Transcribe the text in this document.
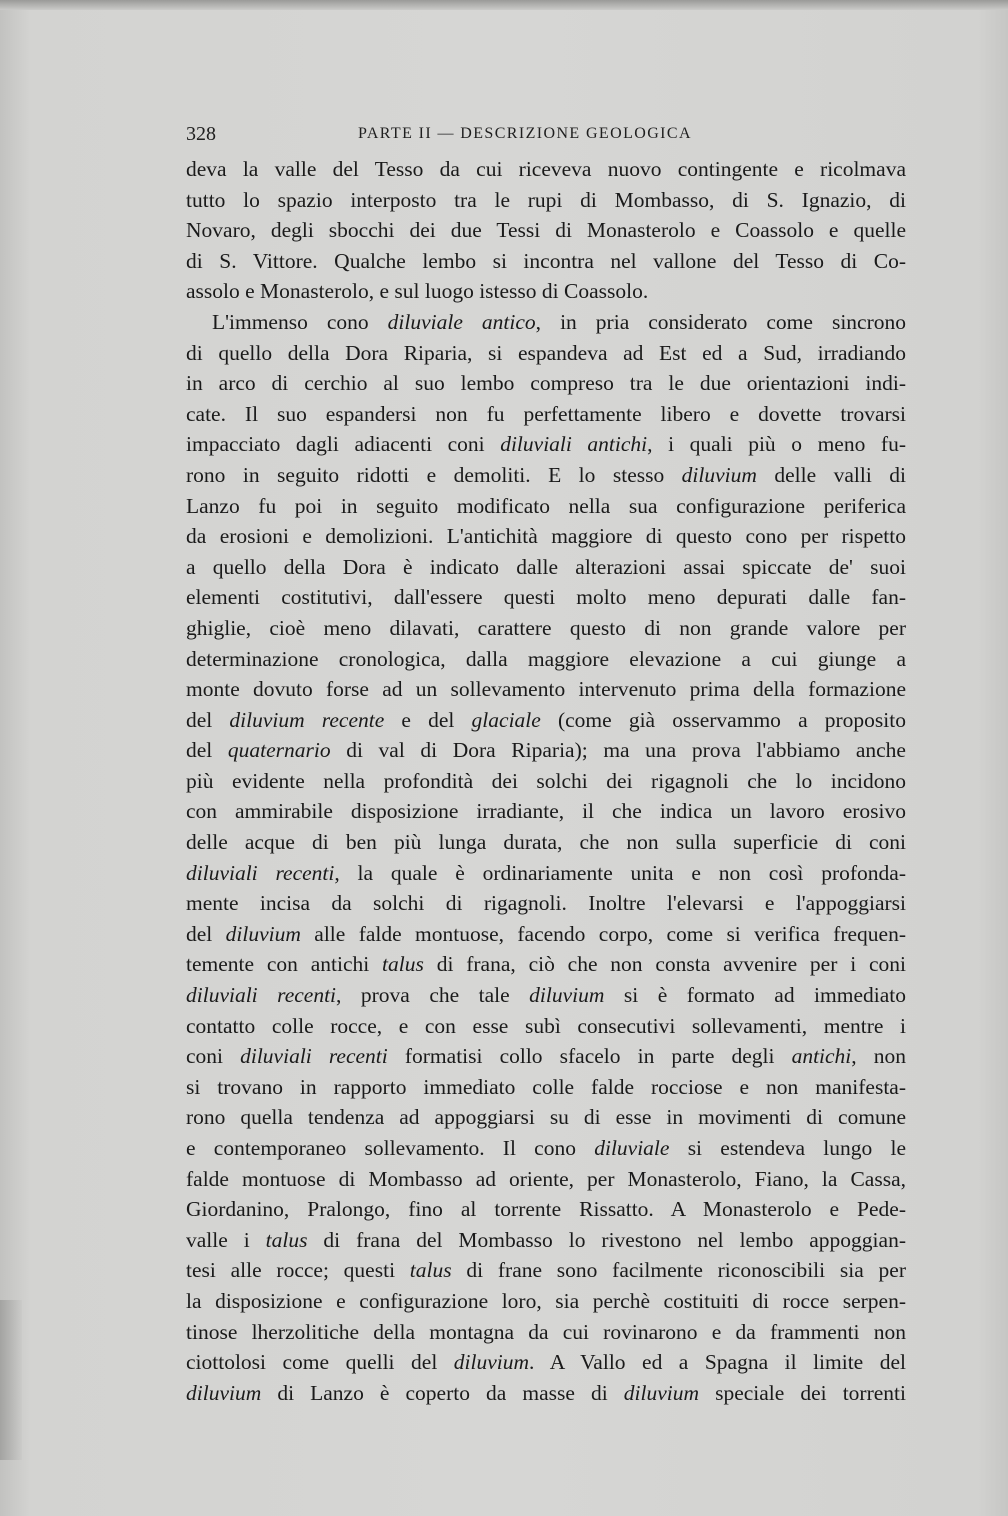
328	PARTE II — DESCRIZIONE GEOLOGICA
deva la valle del Tesso da cui riceveva nuovo contingente e ricolmava
tutto lo spazio interposto tra le rupi di Mombasso, di S. Ignazio, di
Novaro, degli sbocchi dei due Tessi di Monasterolo e Coassolo e quelle
di S. Vittore. Qualche lembo si incontra nel vallone del Tesso di Co-
assolo e Monasterolo, e sul luogo istesso di Coassolo.
L'immenso cono diluviale antico, in pria considerato come sincrono
di quello della Dora Riparia, si espandeva ad Est ed a Sud, irradiando
in arco di cerchio al suo lembo compreso tra le due orientazioni indi-
cate. Il suo espandersi non fu perfettamente libero e dovette trovarsi
impacciato dagli adiacenti coni diluviali antichi, i quali più o meno fu-
rono in seguito ridotti e demoliti. E lo stesso diluvium delle valli di
Lanzo fu poi in seguito modificato nella sua configurazione periferica
da erosioni e demolizioni. L'antichità maggiore di questo cono per rispetto
a quello della Dora è indicato dalle alterazioni assai spiccate de' suoi
elementi costitutivi, dall'essere questi molto meno depurati dalle fan-
ghiglie, cioè meno dilavati, carattere questo di non grande valore per
determinazione cronologica, dalla maggiore elevazione a cui giunge a
monte dovuto forse ad un sollevamento intervenuto prima della formazione
del diluvium recente e del glaciale (come già osservammo a proposito
del quaternario di val di Dora Riparia); ma una prova l'abbiamo anche
più evidente nella profondità dei solchi dei rigagnoli che lo incidono
con ammirabile disposizione irradiante, il che indica un lavoro erosivo
delle acque di ben più lunga durata, che non sulla superficie di coni
diluviali recenti, la quale è ordinariamente unita e non così profonda-
mente incisa da solchi di rigagnoli. Inoltre l'elevarsi e l'appoggiarsi
del diluvium alle falde montuose, facendo corpo, come si verifica frequen-
temente con antichi talus di frana, ciò che non consta avvenire per i coni
diluviali recenti, prova che tale diluvium si è formato ad immediato
contatto colle rocce, e con esse subì consecutivi sollevamenti, mentre i
coni diluviali recenti formatisi collo sfacelo in parte degli antichi, non
si trovano in rapporto immediato colle falde rocciose e non manifesta-
rono quella tendenza ad appoggiarsi su di esse in movimenti di comune
e contemporaneo sollevamento. Il cono diluviale si estendeva lungo le
falde montuose di Mombasso ad oriente, per Monasterolo, Fiano, la Cassa,
Giordanino, Pralongo, fino al torrente Rissatto. A Monasterolo e Pede-
valle i talus di frana del Mombasso lo rivestono nel lembo appoggian-
tesi alle rocce; questi talus di frane sono facilmente riconoscibili sia per
la disposizione e configurazione loro, sia perchè costituiti di rocce serpen-
tinose lherzolitiche della montagna da cui rovinarono e da frammenti non
ciottolosi come quelli del diluvium. A Vallo ed a Spagna il limite del
diluvium di Lanzo è coperto da masse di diluvium speciale dei torrenti
